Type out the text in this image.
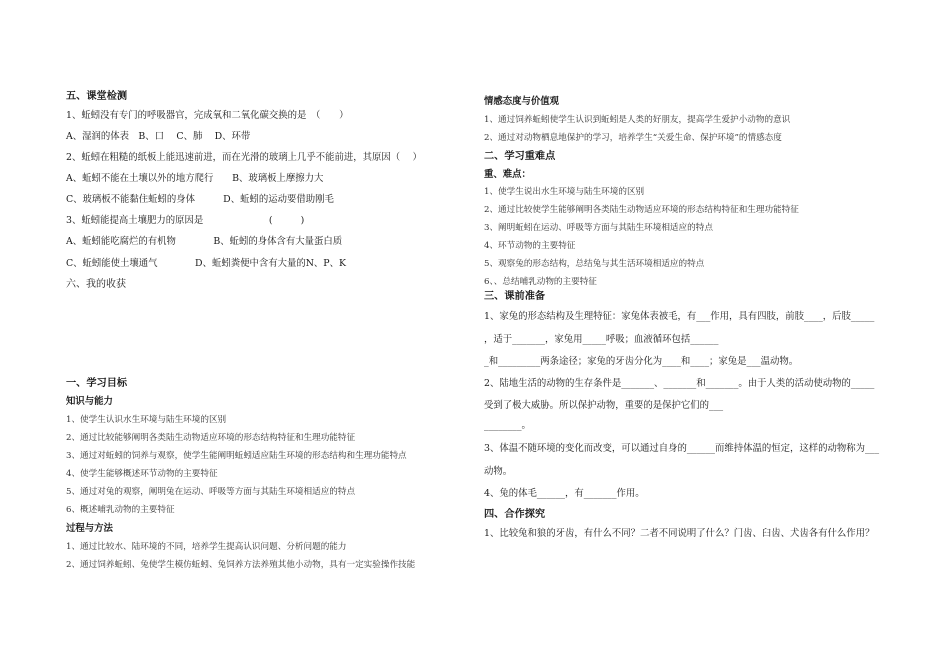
五、课堂检测
1、蚯蚓没有专门的呼吸器官，完成氧和二氧化碳交换的是　（　　）
A、湿润的体表　B、口　 C、肺　 D、环带
2、蚯蚓在粗糙的纸板上能迅速前进，而在光滑的玻璃上几乎不能前进，其原因（　 ）
A、蚯蚓不能在土壤以外的地方爬行　　B、玻璃板上摩擦力大
C、玻璃板不能黏住蚯蚓的身体　　　D、蚯蚓的运动要借助刚毛
3、蚯蚓能提高土壤肥力的原因是　　　　　　　(　　　)
A、蚯蚓能吃腐烂的有机物　　　　B、蚯蚓的身体含有大量蛋白质
C、蚯蚓能使土壤通气　　　　D、蚯蚓粪便中含有大量的N、P、K
六、我的收获
一、学习目标
知识与能力
1、使学生认识水生环境与陆生环境的区别
2、通过比较能够阐明各类陆生动物适应环境的形态结构特征和生理功能特征
3、通过对蚯蚓的饲养与观察，使学生能阐明蚯蚓适应陆生环境的形态结构和生理功能特点
4、使学生能够概述环节动物的主要特征
5、通过对兔的观察，阐明兔在运动、呼吸等方面与其陆生环境相适应的特点
6、概述哺乳动物的主要特征
过程与方法
1、通过比较水、陆环境的不同，培养学生提高认识问题、分析问题的能力
2、通过饲养蚯蚓、兔使学生模仿蚯蚓、兔饲养方法养殖其他小动物，具有一定实验操作技能
情感态度与价值观
1、通过饲养蚯蚓使学生认识到蚯蚓是人类的好朋友，提高学生爱护小动物的意识
2、通过对动物栖息地保护的学习，培养学生“关爱生命、保护环境”的情感态度
二、学习重难点
重、难点：
1、使学生说出水生环境与陆生环境的区别
2、通过比较使学生能够阐明各类陆生动物适应环境的形态结构特征和生理功能特征
3、阐明蚯蚓在运动、呼吸等方面与其陆生环境相适应的特点
4、环节动物的主要特征
5、观察兔的形态结构，总结兔与其生活环境相适应的特点
6、、总结哺乳动物的主要特征
三、课前准备
1、家兔的形态结构及生理特征：家兔体表被毛，有___作用，具有四肢，前肢____，后肢_____
，适于_______，家兔用_____呼吸；血液循环包括______
_和_________两条途径；家兔的牙齿分化为____和____；家兔是___温动物。
2、陆地生活的动物的生存条件是_______、_______和_______。由于人类的活动使动物的_____
受到了极大威胁。所以保护动物，重要的是保护它们的___
________。
3、体温不随环境的变化而改变，可以通过自身的______而维持体温的恒定，这样的动物称为___
动物。
4、兔的体毛______，有_______作用。
四、合作探究
1、比较兔和狼的牙齿，有什么不同？二者不同说明了什么？门齿、臼齿、犬齿各有什么作用？
